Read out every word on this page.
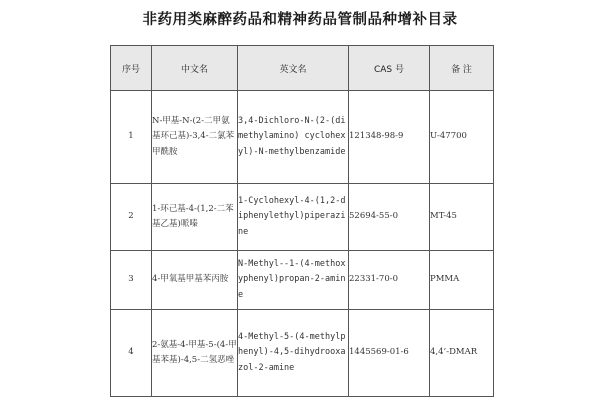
非药用类麻醉药品和精神药品管制品种增补目录
序号	中文名	英文名	CAS 号	备 注
1	N-甲基-N-(2-二甲氨基环己基)-3,4-二氯苯甲酰胺	3,4-Dichloro-N-(2-(dimethylamino) cyclohexyl)-N-methylbenzamide	121348-98-9	U-47700
2	1-环己基-4-(1,2-二苯基乙基)哌嗪	1-Cyclohexyl-4-(1,2-diphenylethyl)piperazine	52694-55-0	MT-45
3	4-甲氧基甲基苯丙胺	N-Methyl--1-(4-methoxyphenyl)propan-2-amine	22331-70-0	PMMA
4	2-氨基-4-甲基-5-(4-甲基苯基)-4,5-二氢恶唑	4-Methyl-5-(4-methylphenyl)-4,5-dihydrooxazol-2-amine	1445569-01-6	4,4’-DMAR
